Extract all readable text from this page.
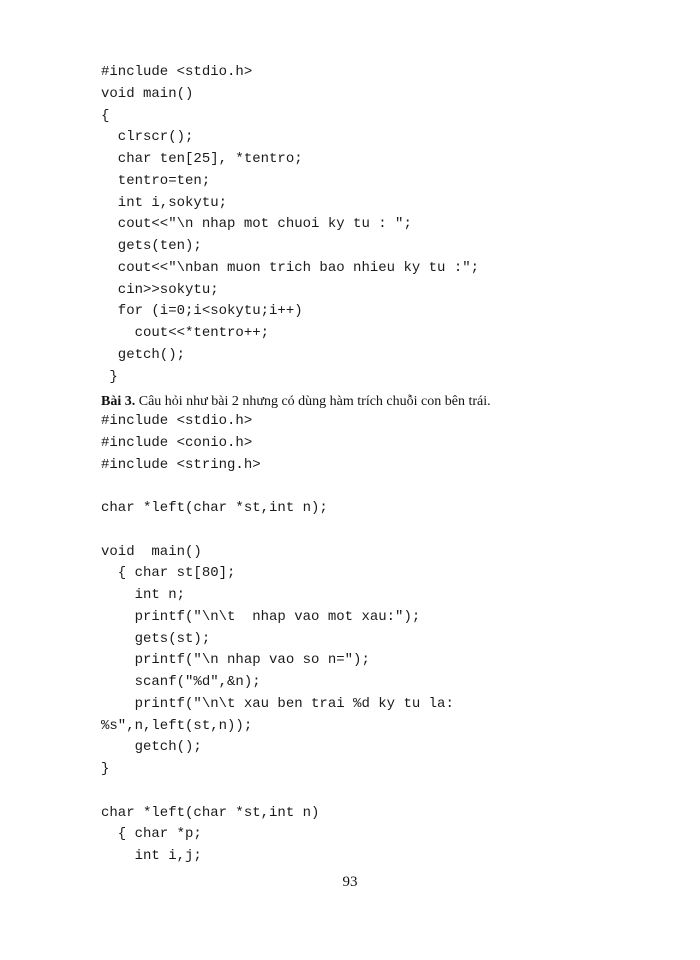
#include <stdio.h>
void main()
{
clrscr();
char ten[25], *tentro;
tentro=ten;
int i,sokytu;
cout<<"\n nhap mot chuoi ky tu : ";
gets(ten);
cout<<"\nban muon trich bao nhieu ky tu :";
cin>>sokytu;
for (i=0;i<sokytu;i++)
cout<<*tentro++;
getch();
}
Bài 3. Câu hỏi như bài 2 nhưng có dùng hàm trích chuỗi con bên trái.
#include <stdio.h>
#include <conio.h>
#include <string.h>
char *left(char *st,int n);
void  main()
{ char st[80];
int n;
printf("\n\t  nhap vao mot xau:");
gets(st);
printf("\n nhap vao so n=");
scanf("%d",&n);
printf("\n\t xau ben trai %d ky tu la:
%s",n,left(st,n));
getch();
}
char *left(char *st,int n)
{ char *p;
int i,j;
93
